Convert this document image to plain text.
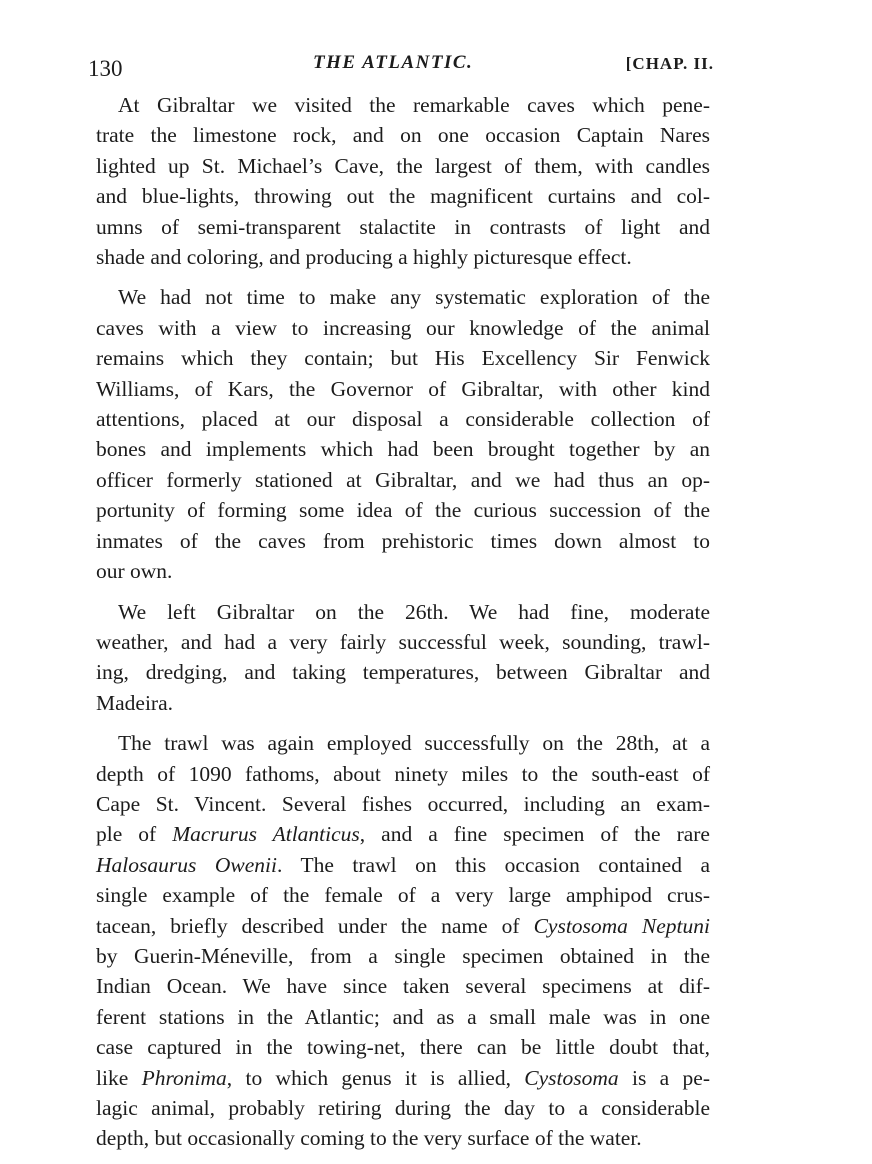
130	THE ATLANTIC.	[CHAP. II.

At Gibraltar we visited the remarkable caves which pene-
trate the limestone rock, and on one occasion Captain Nares
lighted up St. Michael’s Cave, the largest of them, with candles
and blue-lights, throwing out the magnificent curtains and col-
umns of semi-transparent stalactite in contrasts of light and
shade and coloring, and producing a highly picturesque effect.

We had not time to make any systematic exploration of the
caves with a view to increasing our knowledge of the animal
remains which they contain; but His Excellency Sir Fenwick
Williams, of Kars, the Governor of Gibraltar, with other kind
attentions, placed at our disposal a considerable collection of
bones and implements which had been brought together by an
officer formerly stationed at Gibraltar, and we had thus an op-
portunity of forming some idea of the curious succession of the
inmates of the caves from prehistoric times down almost to
our own.

We left Gibraltar on the 26th. We had fine, moderate
weather, and had a very fairly successful week, sounding, trawl-
ing, dredging, and taking temperatures, between Gibraltar and
Madeira.

The trawl was again employed successfully on the 28th, at a
depth of 1090 fathoms, about ninety miles to the south-east of
Cape St. Vincent. Several fishes occurred, including an exam-
ple of Macrurus Atlanticus, and a fine specimen of the rare
Halosaurus Owenii. The trawl on this occasion contained a
single example of the female of a very large amphipod crus-
tacean, briefly described under the name of Cystosoma Neptuni
by Guerin-Méneville, from a single specimen obtained in the
Indian Ocean. We have since taken several specimens at dif-
ferent stations in the Atlantic; and as a small male was in one
case captured in the towing-net, there can be little doubt that,
like Phronima, to which genus it is allied, Cystosoma is a pe-
lagic animal, probably retiring during the day to a considerable
depth, but occasionally coming to the very surface of the water.
